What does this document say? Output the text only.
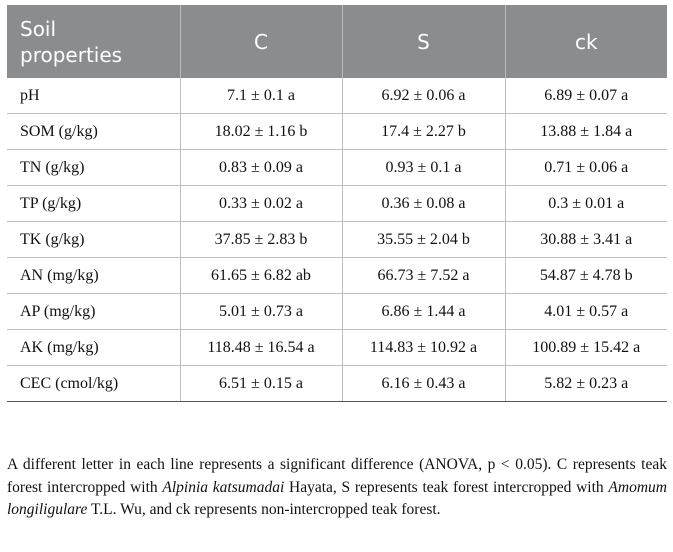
Soil
properties	C	S	ck
pH	7.1 ± 0.1 a	6.92 ± 0.06 a	6.89 ± 0.07 a
SOM (g/kg)	18.02 ± 1.16 b	17.4 ± 2.27 b	13.88 ± 1.84 a
TN (g/kg)	0.83 ± 0.09 a	0.93 ± 0.1 a	0.71 ± 0.06 a
TP (g/kg)	0.33 ± 0.02 a	0.36 ± 0.08 a	0.3 ± 0.01 a
TK (g/kg)	37.85 ± 2.83 b	35.55 ± 2.04 b	30.88 ± 3.41 a
AN (mg/kg)	61.65 ± 6.82 ab	66.73 ± 7.52 a	54.87 ± 4.78 b
AP (mg/kg)	5.01 ± 0.73 a	6.86 ± 1.44 a	4.01 ± 0.57 a
AK (mg/kg)	118.48 ± 16.54 a	114.83 ± 10.92 a	100.89 ± 15.42 a
CEC (cmol/kg)	6.51 ± 0.15 a	6.16 ± 0.43 a	5.82 ± 0.23 a
A different letter in each line represents a significant difference (ANOVA, p < 0.05). C represents teak forest intercropped with Alpinia katsumadai Hayata, S represents teak forest intercropped with Amomum longiligulare T.L. Wu, and ck represents non-intercropped teak forest.
